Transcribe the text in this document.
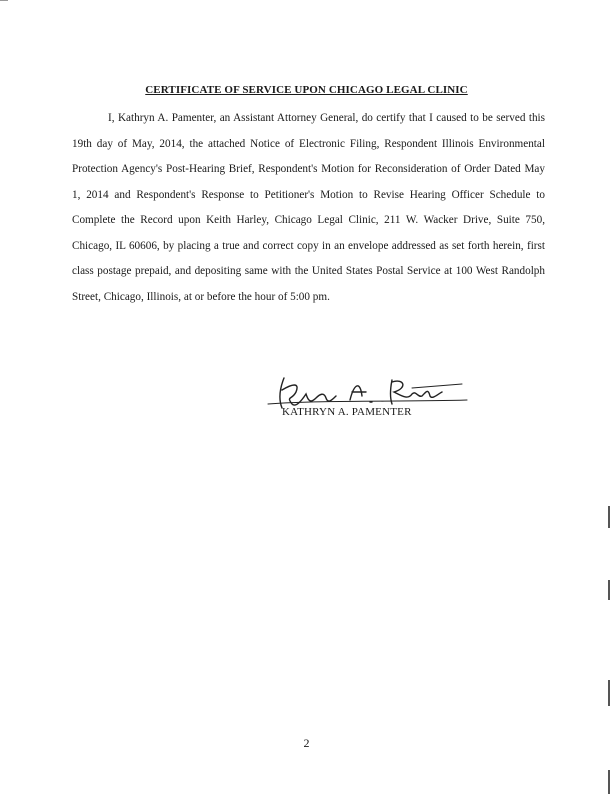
CERTIFICATE OF SERVICE UPON CHICAGO LEGAL CLINIC

I, Kathryn A. Pamenter, an Assistant Attorney General, do certify that I caused to be served this 19th day of May, 2014, the attached Notice of Electronic Filing, Respondent Illinois Environmental Protection Agency's Post-Hearing Brief, Respondent's Motion for Reconsideration of Order Dated May 1, 2014 and Respondent's Response to Petitioner's Motion to Revise Hearing Officer Schedule to Complete the Record upon Keith Harley, Chicago Legal Clinic, 211 W. Wacker Drive, Suite 750, Chicago, IL 60606, by placing a true and correct copy in an envelope addressed as set forth herein, first class postage prepaid, and depositing same with the United States Postal Service at 100 West Randolph Street, Chicago, Illinois, at or before the hour of 5:00 pm.

KATHRYN A. PAMENTER
2
